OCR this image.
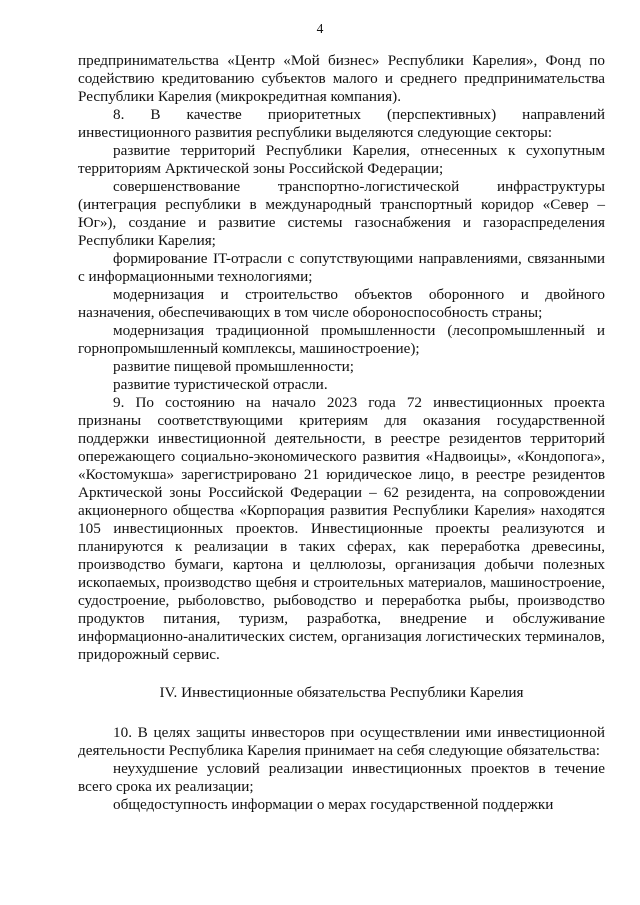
4

предпринимательства «Центр «Мой бизнес» Республики Карелия», Фонд по содействию кредитованию субъектов малого и среднего предпринимательства Республики Карелия (микрокредитная компания).

8. В качестве приоритетных (перспективных) направлений инвестиционного развития республики выделяются следующие секторы:

развитие территорий Республики Карелия, отнесенных к сухопутным территориям Арктической зоны Российской Федерации;

совершенствование транспортно-логистической инфраструктуры (интеграция республики в международный транспортный коридор «Север – Юг»), создание и развитие системы газоснабжения и газораспределения Республики Карелия;

формирование IT-отрасли с сопутствующими направлениями, связанными с информационными технологиями;

модернизация и строительство объектов оборонного и двойного назначения, обеспечивающих в том числе обороноспособность страны;

модернизация традиционной промышленности (лесопромышленный и горнопромышленный комплексы, машиностроение);

развитие пищевой промышленности;

развитие туристической отрасли.

9. По состоянию на начало 2023 года 72 инвестиционных проекта признаны соответствующими критериям для оказания государственной поддержки инвестиционной деятельности, в реестре резидентов территорий опережающего социально-экономического развития «Надвоицы», «Кондопога», «Костомукша» зарегистрировано 21 юридическое лицо, в реестре резидентов Арктической зоны Российской Федерации – 62 резидента, на сопровождении акционерного общества «Корпорация развития Республики Карелия» находятся 105 инвестиционных проектов. Инвестиционные проекты реализуются и планируются к реализации в таких сферах, как переработка древесины, производство бумаги, картона и целлюлозы, организация добычи полезных ископаемых, производство щебня и строительных материалов, машиностроение, судостроение, рыболовство, рыбоводство и переработка рыбы, производство продуктов питания, туризм, разработка, внедрение и обслуживание информационно-аналитических систем, организация логистических терминалов, придорожный сервис.

IV. Инвестиционные обязательства Республики Карелия

10. В целях защиты инвесторов при осуществлении ими инвестиционной деятельности Республика Карелия принимает на себя следующие обязательства:

неухудшение условий реализации инвестиционных проектов в течение всего срока их реализации;

общедоступность информации о мерах государственной поддержки
